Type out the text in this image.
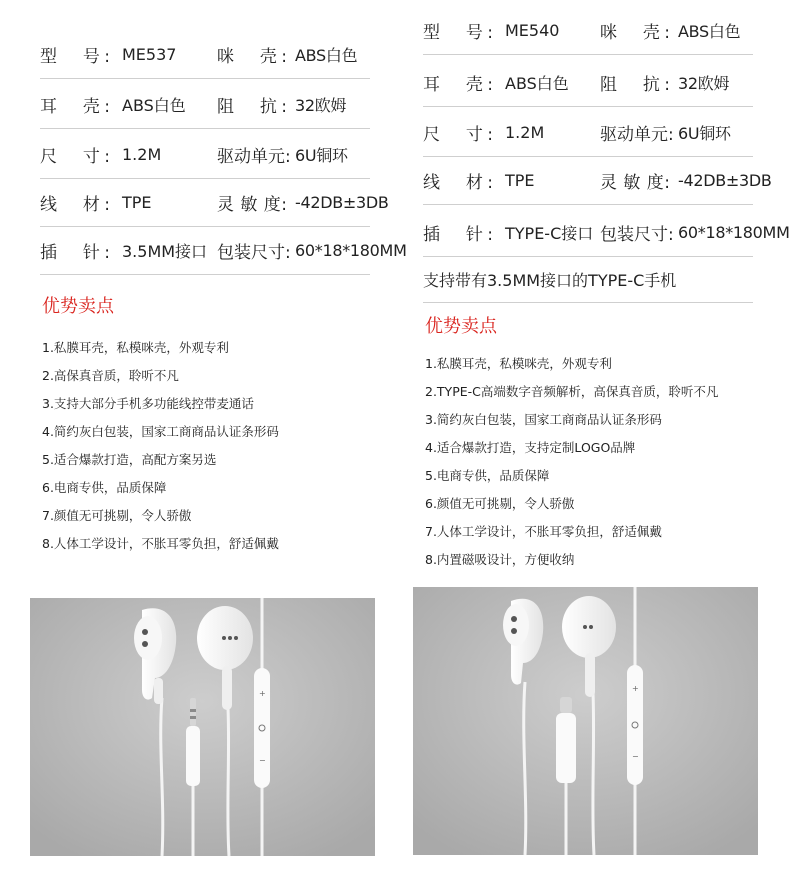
型　号: ME537	咪　壳: ABS白色
耳　壳: ABS白色	阻　抗: 32欧姆
尺　寸: 1.2M	驱动单元: 6U铜环
线　材: TPE	灵 敏 度: -42DB±3DB
插　针: 3.5MM接口 包装尺寸: 60*18*180MM
优势卖点
1.私膜耳壳，私模咪壳，外观专利
2.高保真音质，聆听不凡
3.支持大部分手机多功能线控带麦通话
4.简约灰白包装，国家工商商品认证条形码
5.适合爆款打造，高配方案另选
6.电商专供，品质保障
7.颜值无可挑剔，令人骄傲
8.人体工学设计，不胀耳零负担，舒适佩戴
+
−
型　号: ME540	咪　壳: ABS白色
耳　壳: ABS白色	阻　抗: 32欧姆
尺　寸: 1.2M	驱动单元: 6U铜环
线　材: TPE	灵 敏 度: -42DB±3DB
插　针: TYPE-C接口 包装尺寸: 60*18*180MM
支持带有3.5MM接口的TYPE-C手机
优势卖点
1.私膜耳壳，私模咪壳，外观专利
2.TYPE-C高端数字音频解析，高保真音质，聆听不凡
3.简约灰白包装，国家工商商品认证条形码
4.适合爆款打造，支持定制LOGO品牌
5.电商专供，品质保障
6.颜值无可挑剔，令人骄傲
7.人体工学设计，不胀耳零负担，舒适佩戴
8.内置磁吸设计，方便收纳
+
−
